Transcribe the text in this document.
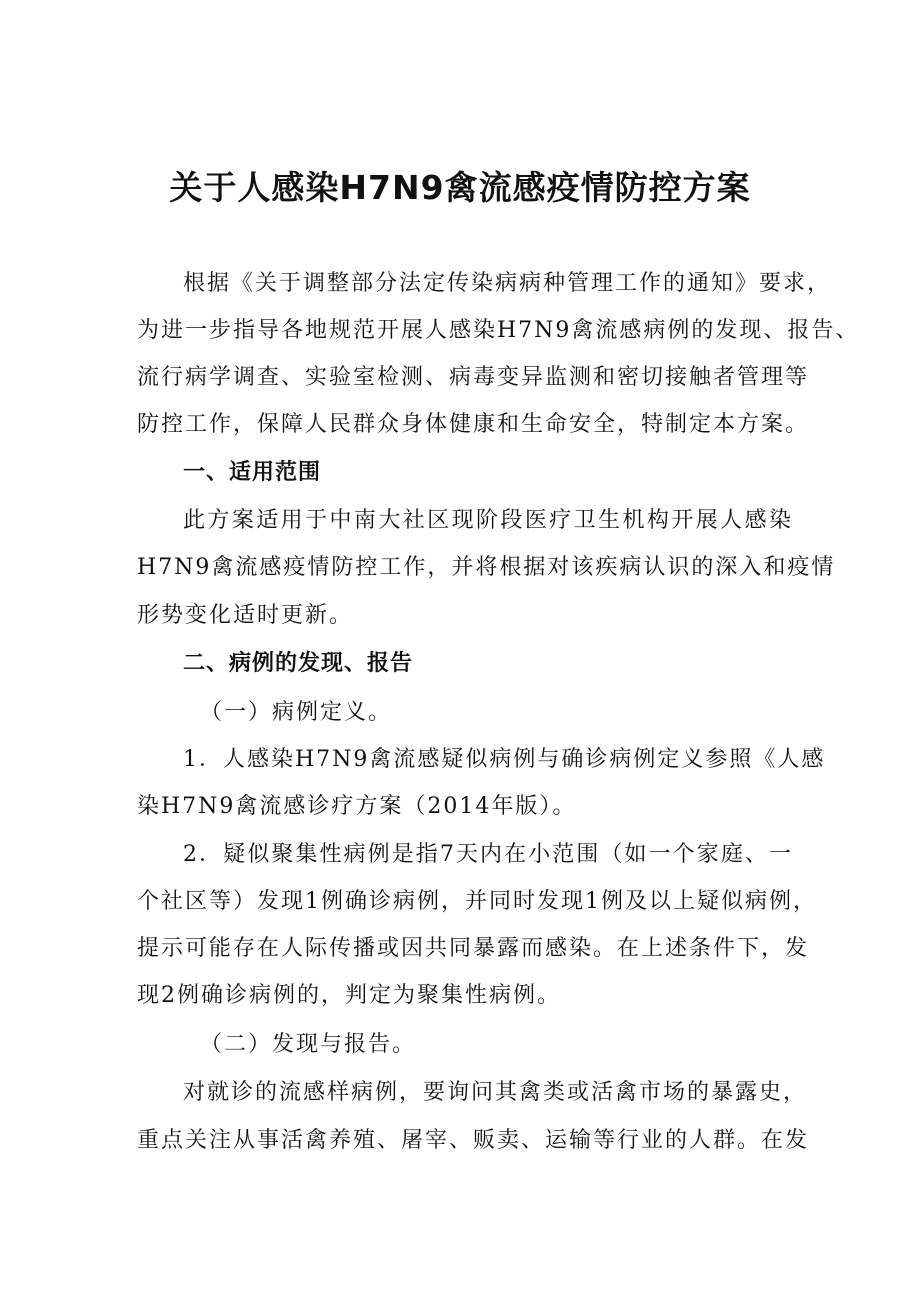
关于人感染H7N9禽流感疫情防控方案
根据《关于调整部分法定传染病病种管理工作的通知》要求，
为进一步指导各地规范开展人感染H7N9禽流感病例的发现、报告、
流行病学调查、实验室检测、病毒变异监测和密切接触者管理等
防控工作，保障人民群众身体健康和生命安全，特制定本方案。
一、适用范围
此方案适用于中南大社区现阶段医疗卫生机构开展人感染
H7N9禽流感疫情防控工作，并将根据对该疾病认识的深入和疫情
形势变化适时更新。
二、病例的发现、报告
（一）病例定义。
1．人感染H7N9禽流感疑似病例与确诊病例定义参照《人感
染H7N9禽流感诊疗方案（2014年版）。
2．疑似聚集性病例是指7天内在小范围（如一个家庭、一
个社区等）发现1例确诊病例，并同时发现1例及以上疑似病例，
提示可能存在人际传播或因共同暴露而感染。在上述条件下，发
现2例确诊病例的，判定为聚集性病例。
（二）发现与报告。
对就诊的流感样病例，要询问其禽类或活禽市场的暴露史，
重点关注从事活禽养殖、屠宰、贩卖、运输等行业的人群。在发
